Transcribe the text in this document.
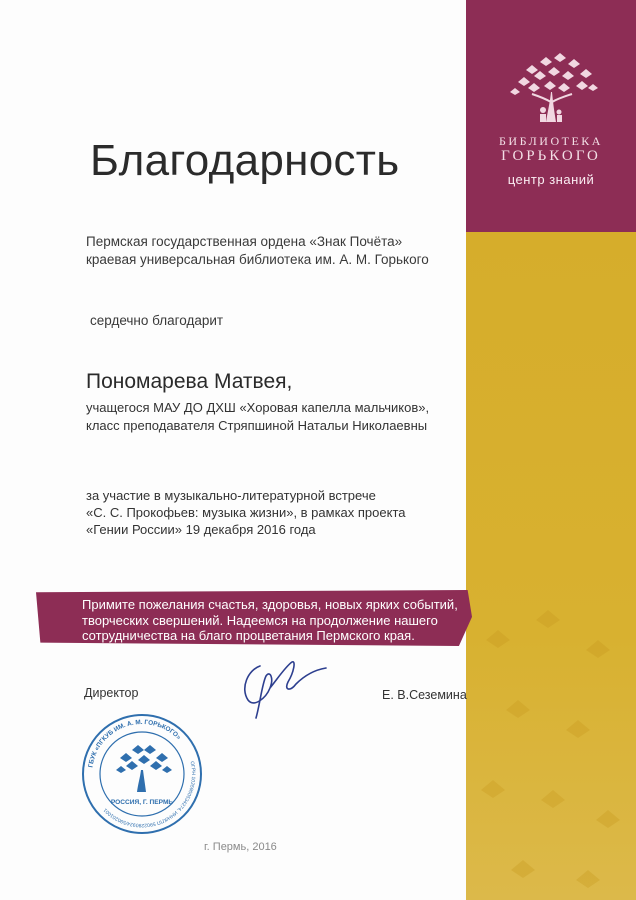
БИБЛИОТЕКА
ГОРЬКОГО
центр знаний
Благодарность
Пермская государственная ордена «Знак Почёта»
краевая универсальная библиотека им. А. М. Горького
сердечно благодарит
Пономарева Матвея,
учащегося МАУ ДО ДХШ «Хоровая капелла мальчиков»,
класс преподавателя Стряпшиной Натальи Николаевны
за участие в музыкально-литературной встрече
«С. С. Прокофьев: музыка жизни», в рамках проекта
«Гении России» 19 декабря 2016 года
Примите пожелания счастья, здоровья, новых ярких событий,
творческих свершений. Надеемся на продолжение нашего
сотрудничества на благо процветания Пермского края.
Директор	Е. В.Сеземина
ГБУК «ПГКУБ ИМ. А. М. ГОРЬКОГО»
ОГРН 1025900534274, ИНН/КПП 5902290924/590201001
РОССИЯ, Г. ПЕРМЬ
г. Пермь, 2016
